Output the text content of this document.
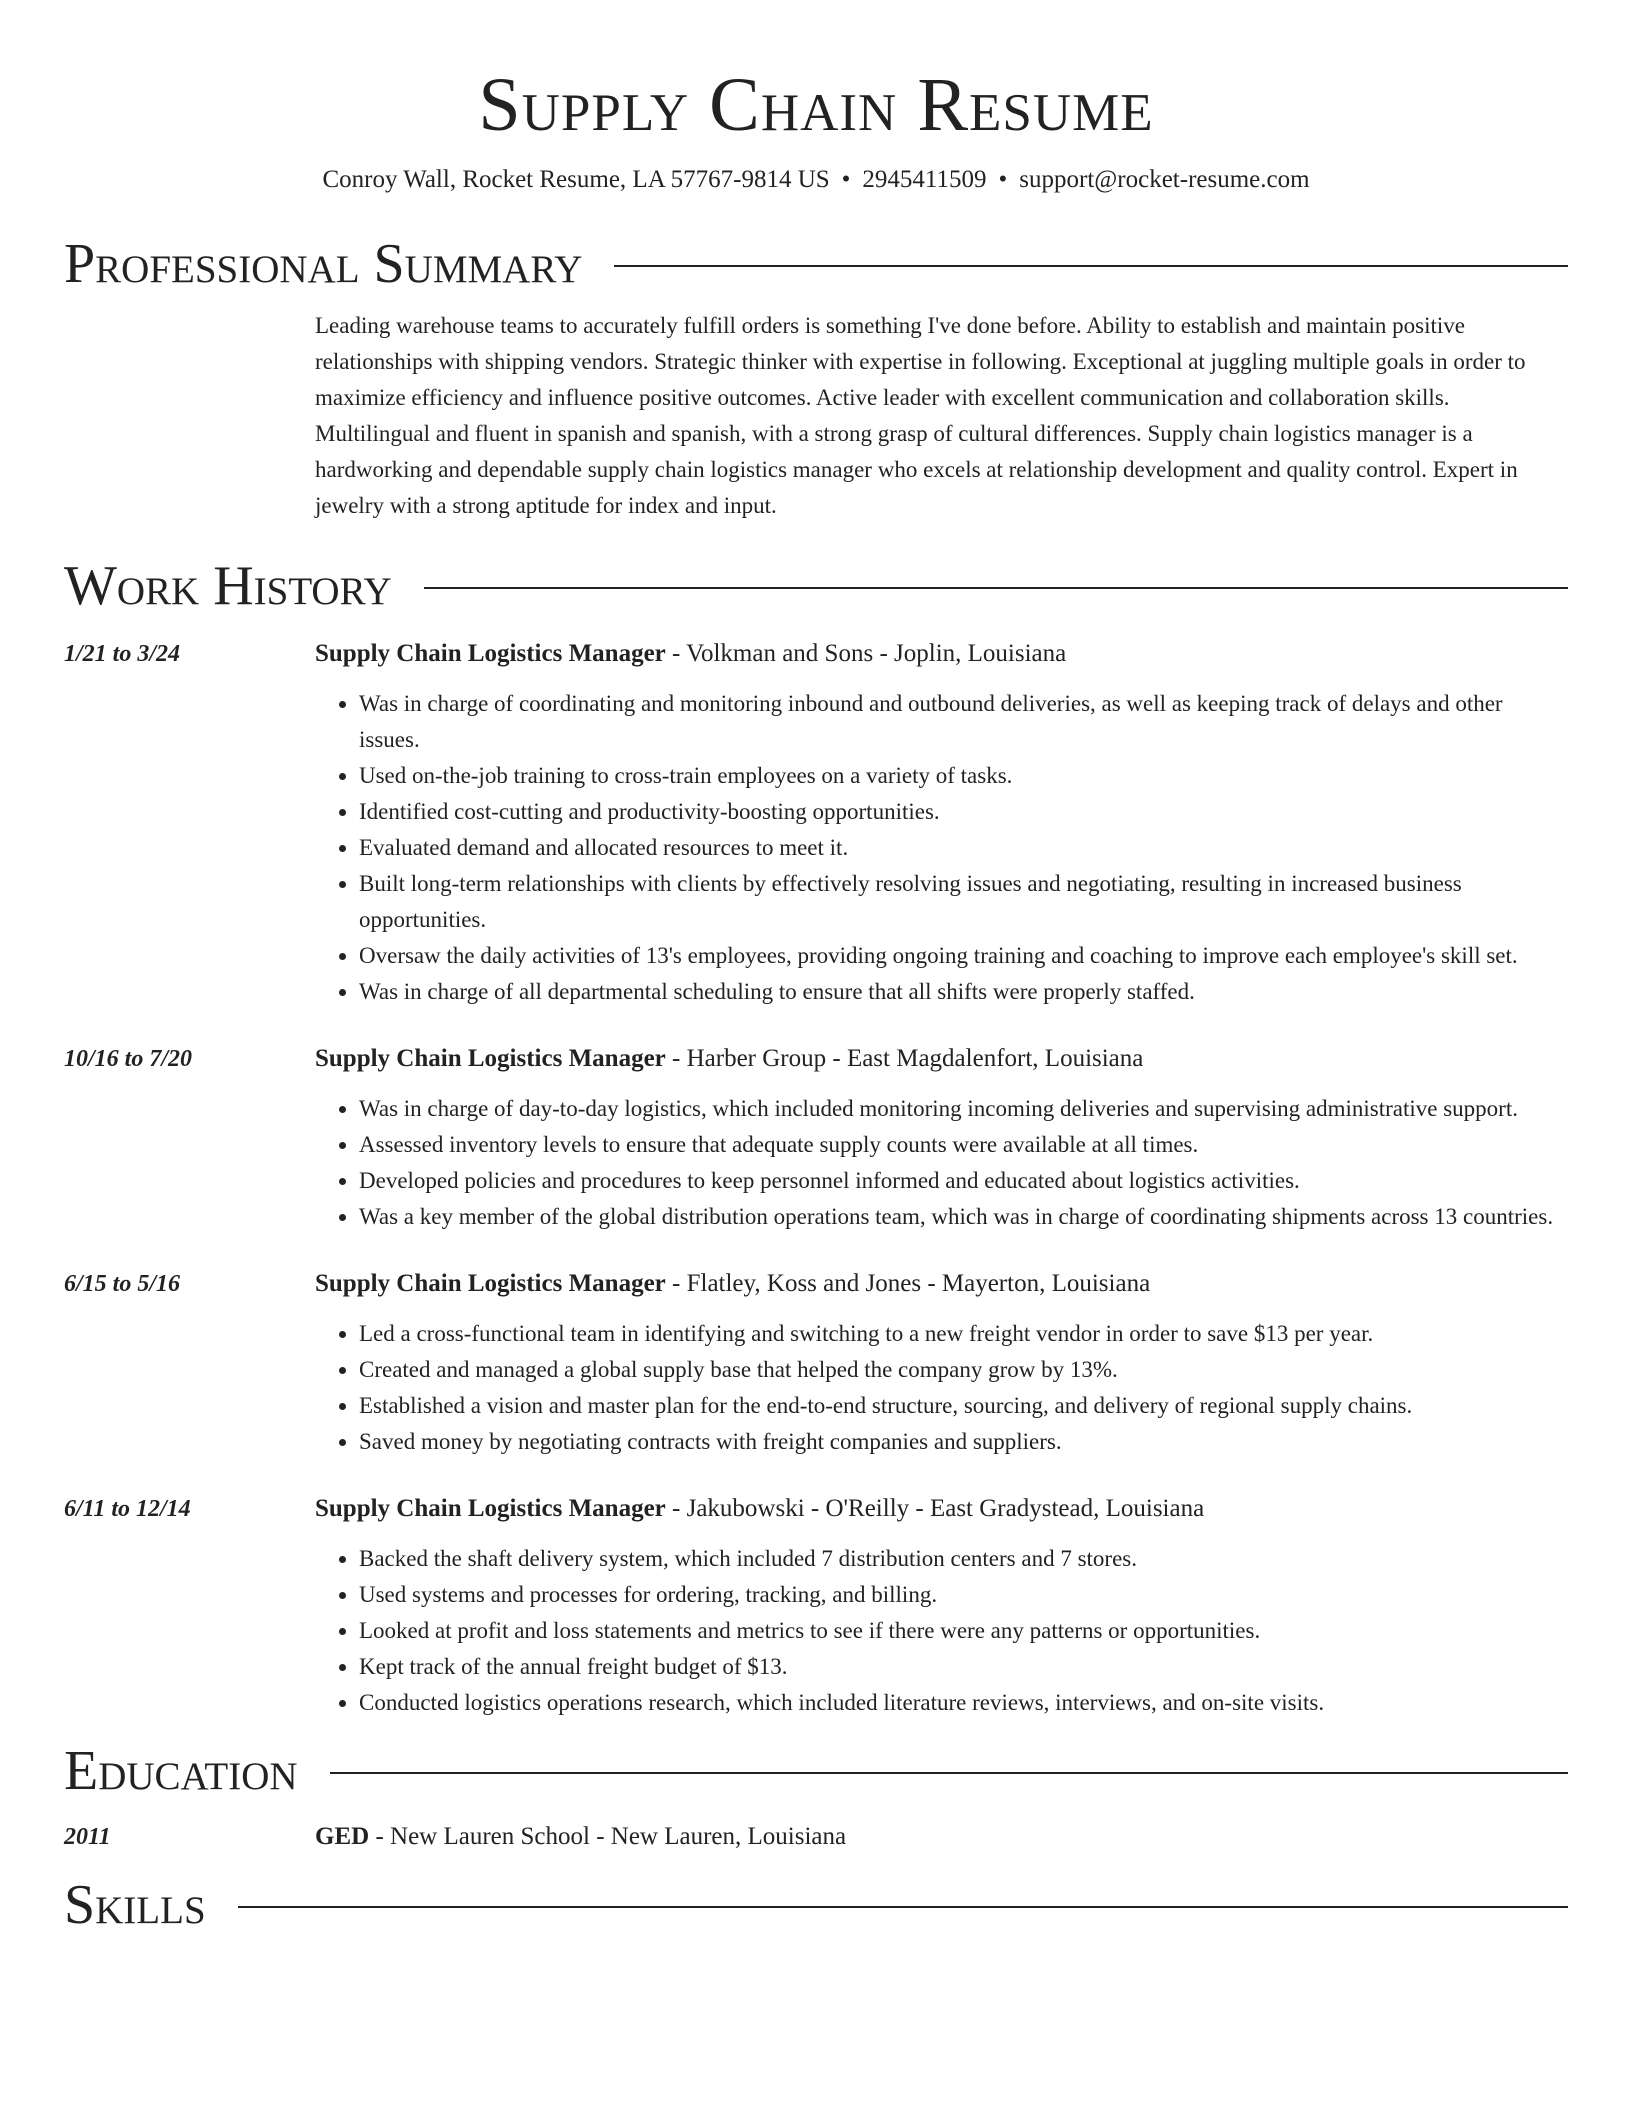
Supply Chain Resume
Conroy Wall, Rocket Resume, LA 57767-9814 US • 2945411509 • support@rocket-resume.com
Professional Summary
Leading warehouse teams to accurately fulfill orders is something I've done before. Ability to establish and maintain positive relationships with shipping vendors. Strategic thinker with expertise in following. Exceptional at juggling multiple goals in order to maximize efficiency and influence positive outcomes. Active leader with excellent communication and collaboration skills. Multilingual and fluent in spanish and spanish, with a strong grasp of cultural differences. Supply chain logistics manager is a hardworking and dependable supply chain logistics manager who excels at relationship development and quality control. Expert in jewelry with a strong aptitude for index and input.
Work History
1/21 to 3/24	Supply Chain Logistics Manager - Volkman and Sons - Joplin, Louisiana
• Was in charge of coordinating and monitoring inbound and outbound deliveries, as well as keeping track of delays and other issues.
• Used on-the-job training to cross-train employees on a variety of tasks.
• Identified cost-cutting and productivity-boosting opportunities.
• Evaluated demand and allocated resources to meet it.
• Built long-term relationships with clients by effectively resolving issues and negotiating, resulting in increased business opportunities.
• Oversaw the daily activities of 13's employees, providing ongoing training and coaching to improve each employee's skill set.
• Was in charge of all departmental scheduling to ensure that all shifts were properly staffed.
10/16 to 7/20	Supply Chain Logistics Manager - Harber Group - East Magdalenfort, Louisiana
• Was in charge of day-to-day logistics, which included monitoring incoming deliveries and supervising administrative support.
• Assessed inventory levels to ensure that adequate supply counts were available at all times.
• Developed policies and procedures to keep personnel informed and educated about logistics activities.
• Was a key member of the global distribution operations team, which was in charge of coordinating shipments across 13 countries.
6/15 to 5/16	Supply Chain Logistics Manager - Flatley, Koss and Jones - Mayerton, Louisiana
• Led a cross-functional team in identifying and switching to a new freight vendor in order to save $13 per year.
• Created and managed a global supply base that helped the company grow by 13%.
• Established a vision and master plan for the end-to-end structure, sourcing, and delivery of regional supply chains.
• Saved money by negotiating contracts with freight companies and suppliers.
6/11 to 12/14	Supply Chain Logistics Manager - Jakubowski - O'Reilly - East Gradystead, Louisiana
• Backed the shaft delivery system, which included 7 distribution centers and 7 stores.
• Used systems and processes for ordering, tracking, and billing.
• Looked at profit and loss statements and metrics to see if there were any patterns or opportunities.
• Kept track of the annual freight budget of $13.
• Conducted logistics operations research, which included literature reviews, interviews, and on-site visits.
Education
2011	GED - New Lauren School - New Lauren, Louisiana
Skills
